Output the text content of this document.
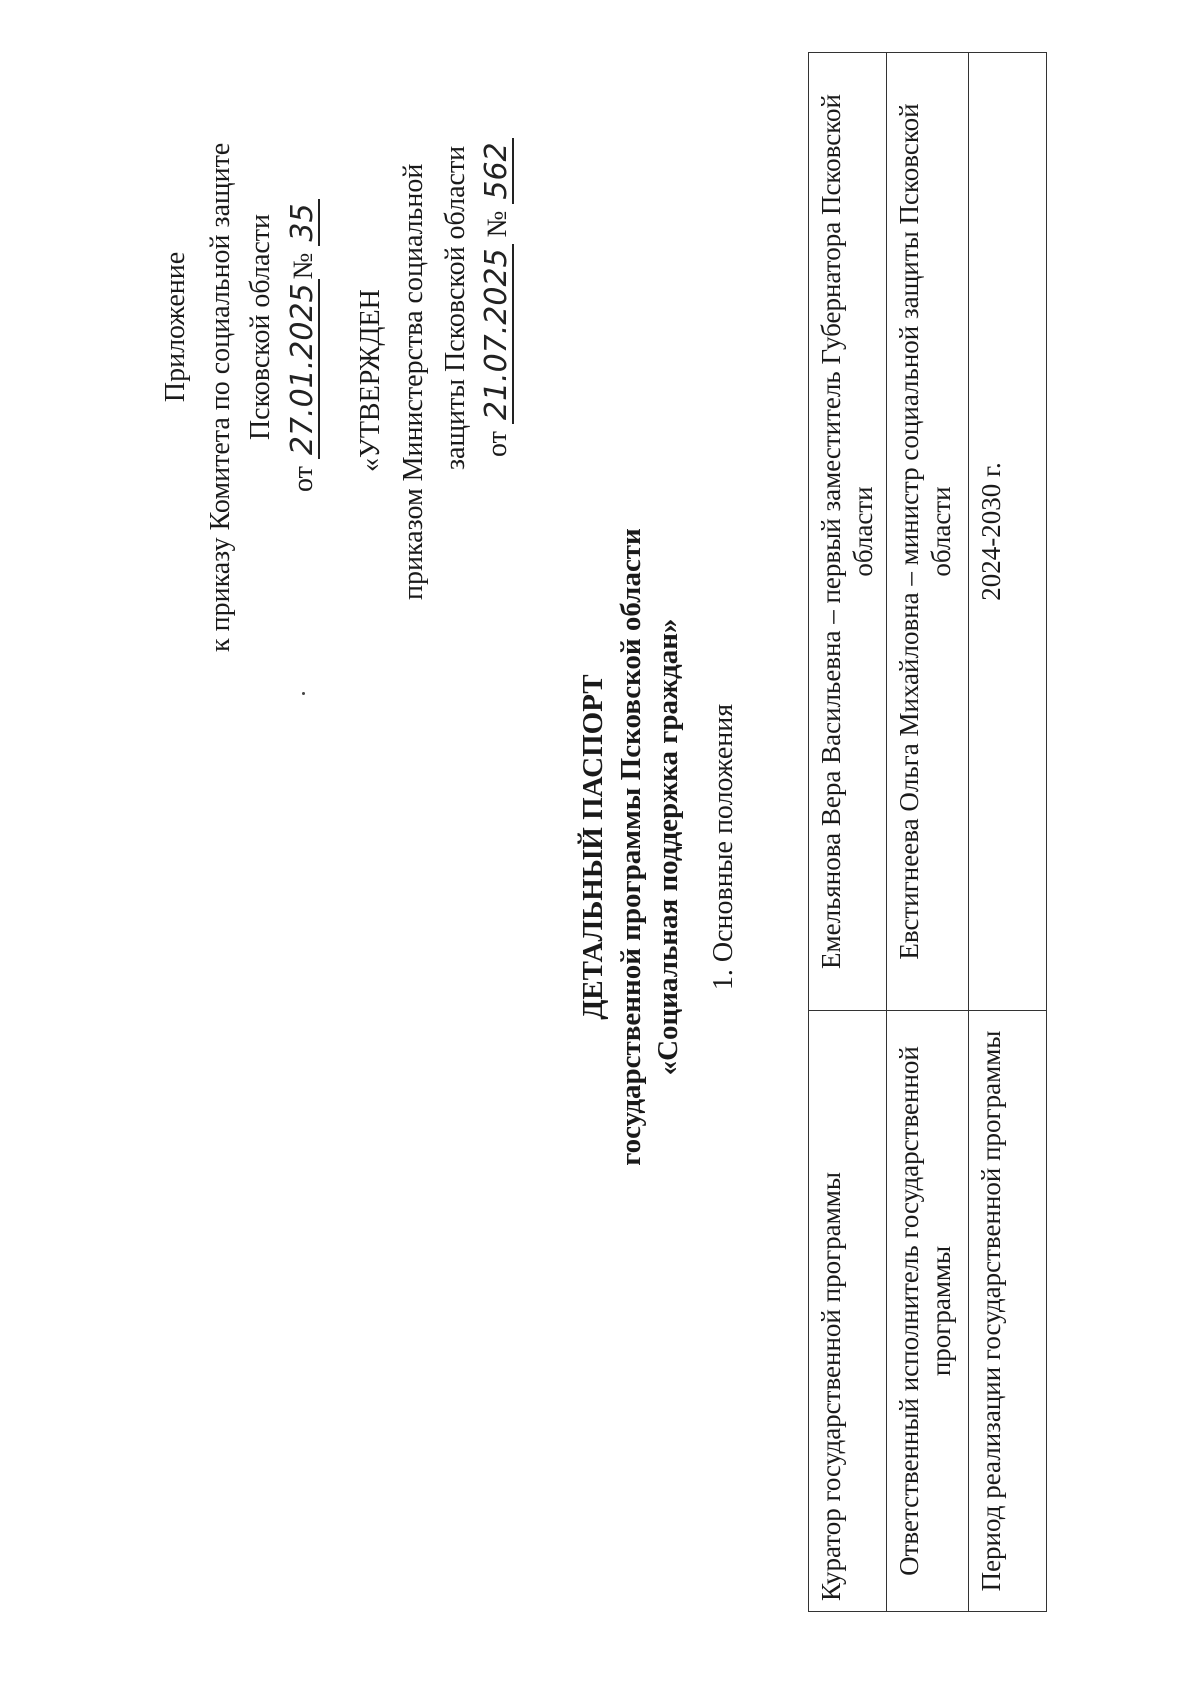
Приложение к приказу Комитета по социальной защите Псковской области
от 27.01.2025№ 35
«УТВЕРЖДЕН приказом Министерства социальной защиты Псковской области от 21.07.2025 № 562
ДЕТАЛЬНЫЙ ПАСПОРТ государственной программы Псковской области «Социальная поддержка граждан» 1. Основные положения
Куратор государственной программы	Емельянова Вера Васильевна – первый заместитель Губернатора Псковской области
Ответственный исполнитель государственной программы	Евстигнеева Ольга Михайловна – министр социальной защиты Псковской области
Период реализации государственной программы	2024-2030 г.
